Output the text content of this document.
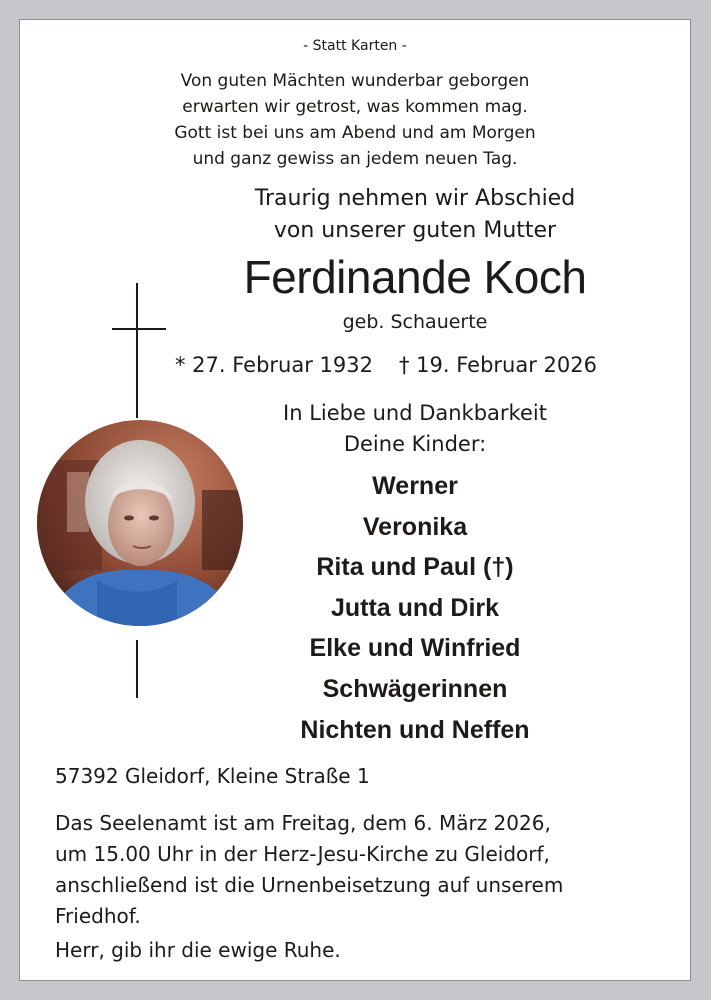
- Statt Karten -
Von guten Mächten wunderbar geborgen
erwarten wir getrost, was kommen mag.
Gott ist bei uns am Abend und am Morgen
und ganz gewiss an jedem neuen Tag.
Traurig nehmen wir Abschied
von unserer guten Mutter
Ferdinande Koch
geb. Schauerte
* 27. Februar 1932 † 19. Februar 2026
In Liebe und Dankbarkeit
Deine Kinder:
Werner
Veronika
Rita und Paul (†)
Jutta und Dirk
Elke und Winfried
Schwägerinnen
Nichten und Neffen
57392 Gleidorf, Kleine Straße 1
Das Seelenamt ist am Freitag, dem 6. März 2026,
um 15.00 Uhr in der Herz-Jesu-Kirche zu Gleidorf,
anschließend ist die Urnenbeisetzung auf unserem
Friedhof.
Herr, gib ihr die ewige Ruhe.
